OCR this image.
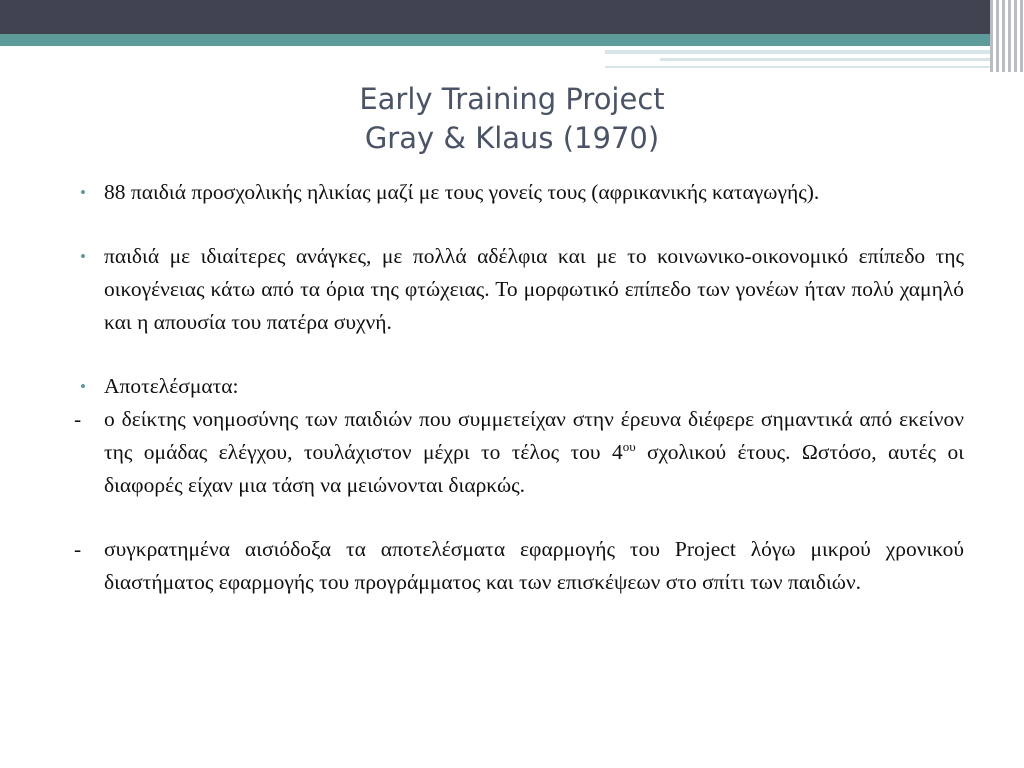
Early Training Project
Gray & Klaus (1970)
• 88 παιδιά προσχολικής ηλικίας μαζί με τους γονείς τους (αφρικανικής καταγωγής).
• παιδιά με ιδιαίτερες ανάγκες, με πολλά αδέλφια και με το κοινωνικο-οικονομικό επίπεδο της οικογένειας κάτω από τα όρια της φτώχειας. Το μορφωτικό επίπεδο των γονέων ήταν πολύ χαμηλό και η απουσία του πατέρα συχνή.
• Αποτελέσματα:
- ο δείκτης νοημοσύνης των παιδιών που συμμετείχαν στην έρευνα διέφερε σημαντικά από εκείνον της ομάδας ελέγχου, τουλάχιστον μέχρι το τέλος του $4^{o\upsilon}$ σχολικού έτους. Ωστόσο, αυτές οι διαφορές είχαν μια τάση να μειώνονται διαρκώς.
- συγκρατημένα αισιόδοξα τα αποτελέσματα εφαρμογής του Project λόγω μικρού χρονικού διαστήματος εφαρμογής του προγράμματος και των επισκέψεων στο σπίτι των παιδιών.
